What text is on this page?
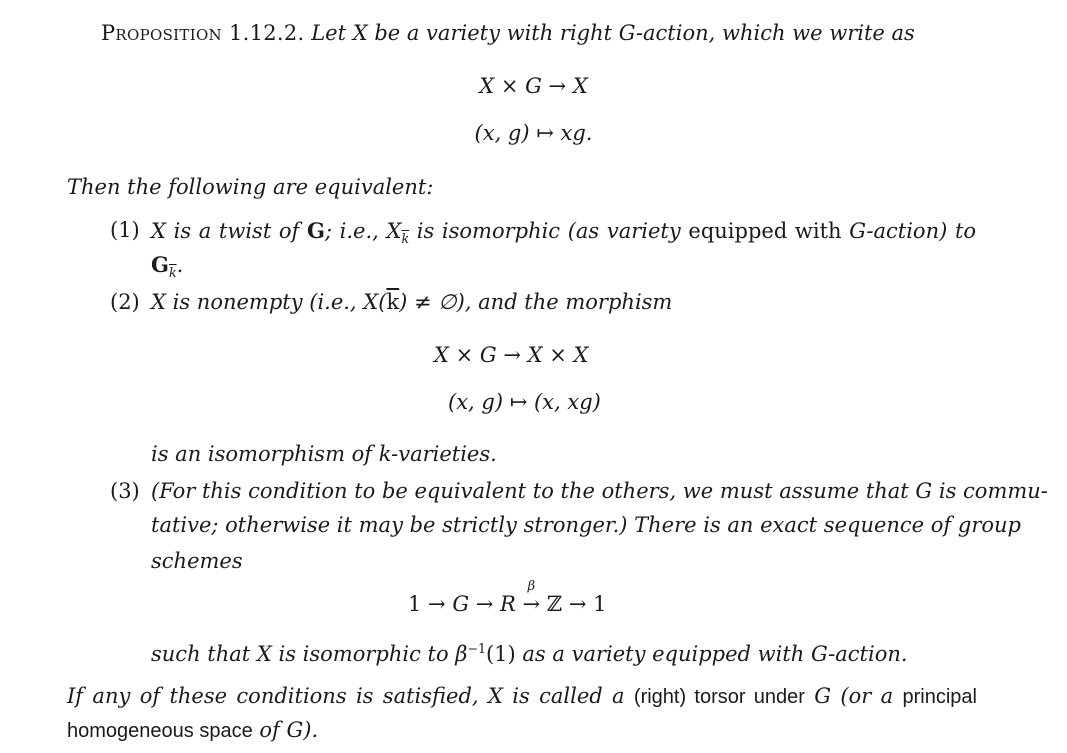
Proposition 1.12.2. Let X be a variety with right G-action, which we write as
X × G → X
(x, g) ↦ xg.
Then the following are equivalent:
(1) X is a twist of G; i.e., $X_{\overline{k}}$ is isomorphic (as variety equipped with G-action) to
$G_{\overline{k}}$.
(2) X is nonempty (i.e., $X(\overline{k})$ ≠ ∅), and the morphism
X × G → X × X
(x, g) ↦ (x, xg)
is an isomorphism of k-varieties.
(3) (For this condition to be equivalent to the others, we must assume that G is commu-
tative; otherwise it may be strictly stronger.) There is an exact sequence of group
schemes
1 → G → R
β
→ ℤ → 1
such that X is isomorphic to $\beta^{-1}(1)$ as a variety equipped with G-action.
If any of these conditions is satisfied, X is called a (right) torsor under G (or a principal
homogeneous space of G).
